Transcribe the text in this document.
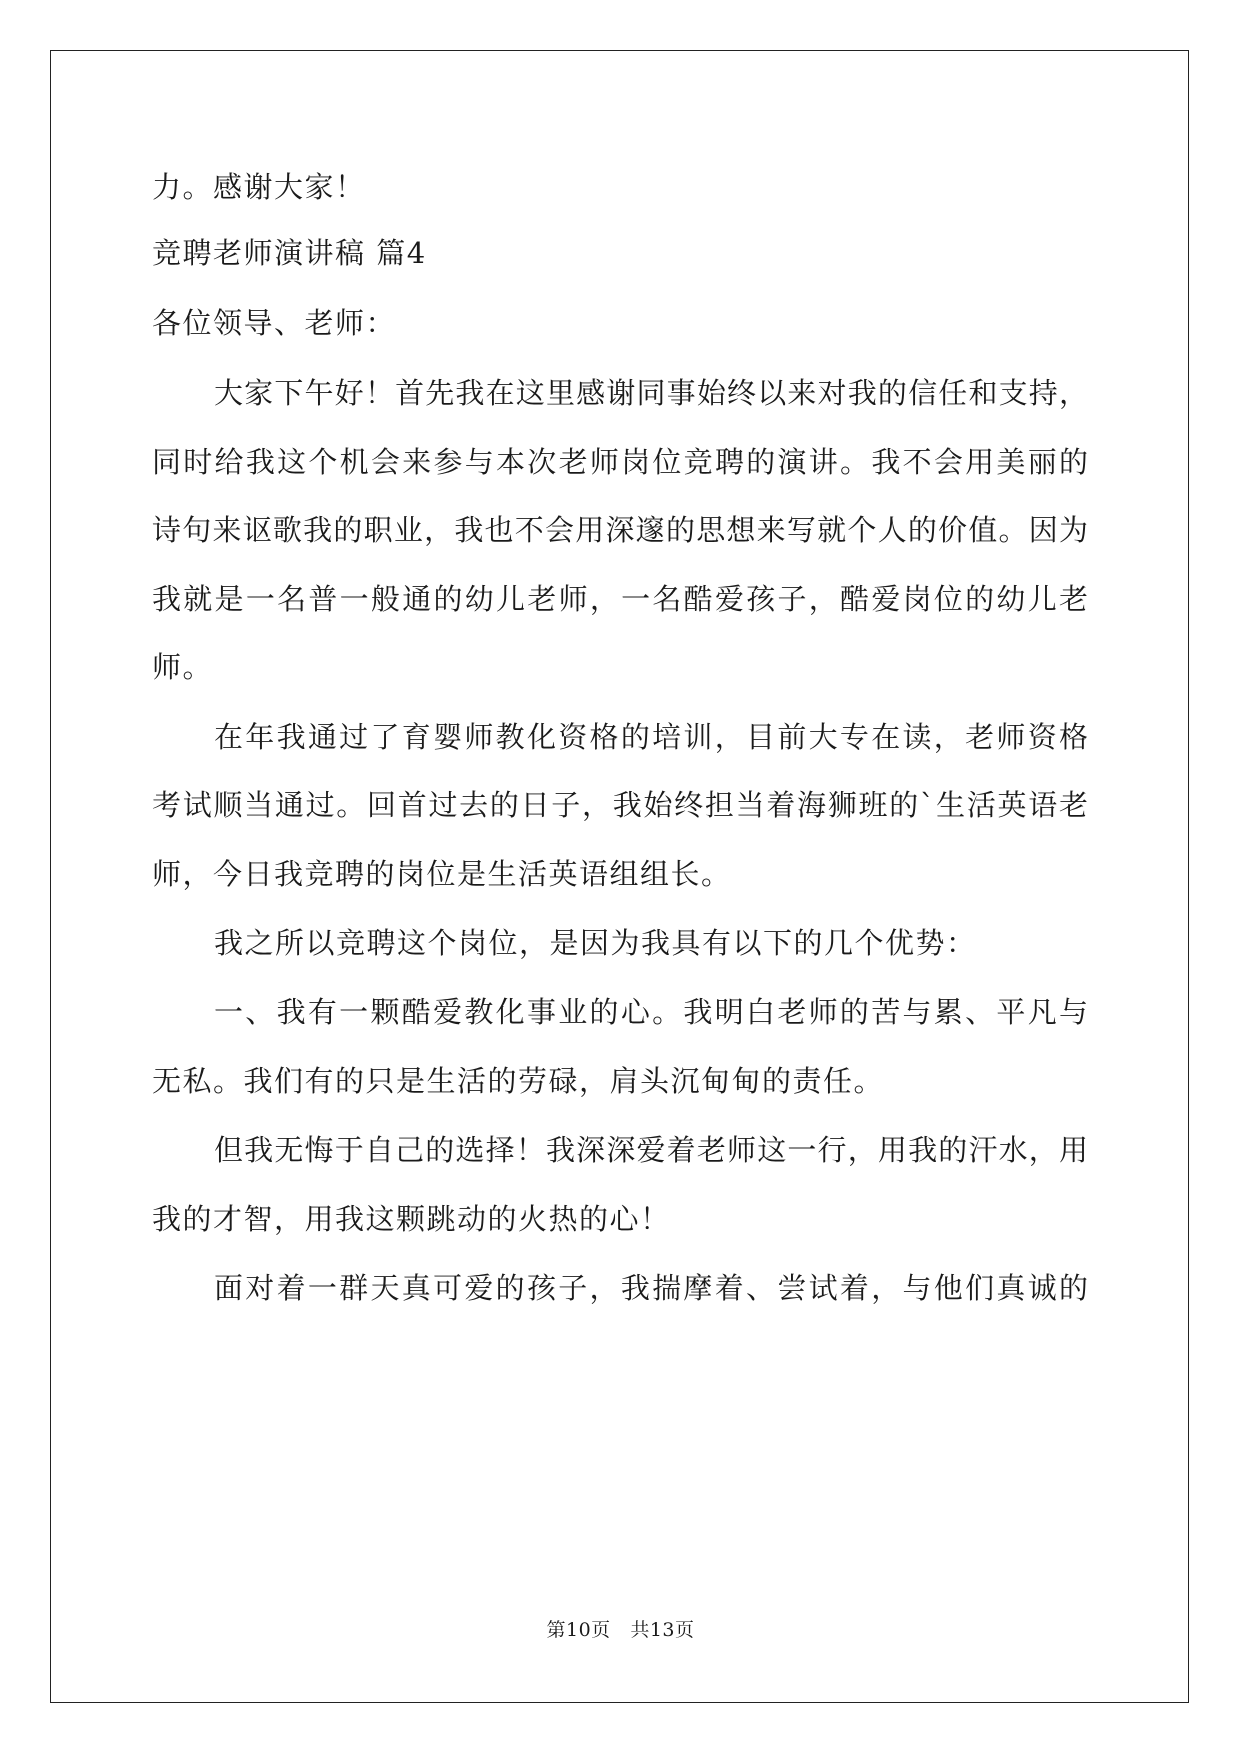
力。感谢大家！
竞聘老师演讲稿 篇4
各位领导、老师：
大家下午好！首先我在这里感谢同事始终以来对我的信任和支持，
同时给我这个机会来参与本次老师岗位竞聘的演讲。我不会用美丽的
诗句来讴歌我的职业，我也不会用深邃的思想来写就个人的价值。因为
我就是一名普一般通的幼儿老师，一名酷爱孩子，酷爱岗位的幼儿老
师。
在年我通过了育婴师教化资格的培训，目前大专在读，老师资格
考试顺当通过。回首过去的日子，我始终担当着海狮班的`生活英语老
师，今日我竞聘的岗位是生活英语组组长。
我之所以竞聘这个岗位，是因为我具有以下的几个优势：
一、我有一颗酷爱教化事业的心。我明白老师的苦与累、平凡与
无私。我们有的只是生活的劳碌，肩头沉甸甸的责任。
但我无悔于自己的选择！我深深爱着老师这一行，用我的汗水，用
我的才智，用我这颗跳动的火热的心！
面对着一群天真可爱的孩子，我揣摩着、尝试着，与他们真诚的
第10页 共13页
